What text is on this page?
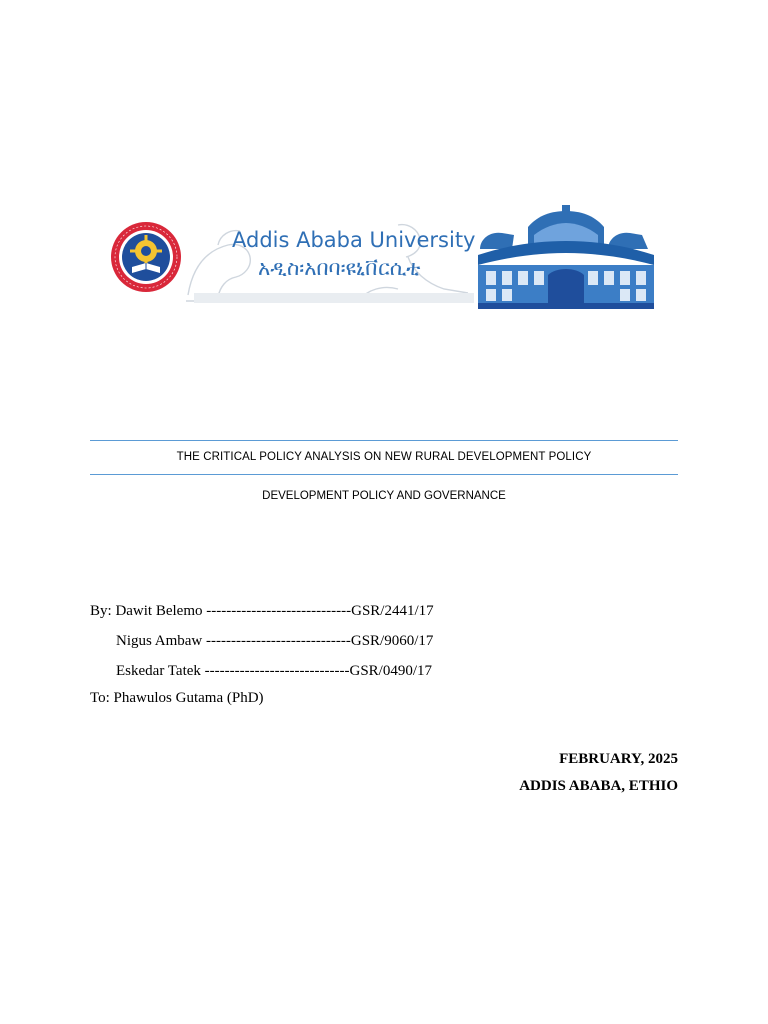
Addis Ababa University
አዲስ፡አበባ፡ዩኒቨርሲቲ
THE CRITICAL POLICY ANALYSIS ON NEW RURAL DEVELOPMENT POLICY
DEVELOPMENT POLICY AND GOVERNANCE
By: Dawit Belemo -----------------------------GSR/2441/17
Nigus Ambaw -----------------------------GSR/9060/17
Eskedar Tatek -----------------------------GSR/0490/17
To: Phawulos Gutama (PhD)
FEBRUARY, 2025
ADDIS ABABA, ETHIO
